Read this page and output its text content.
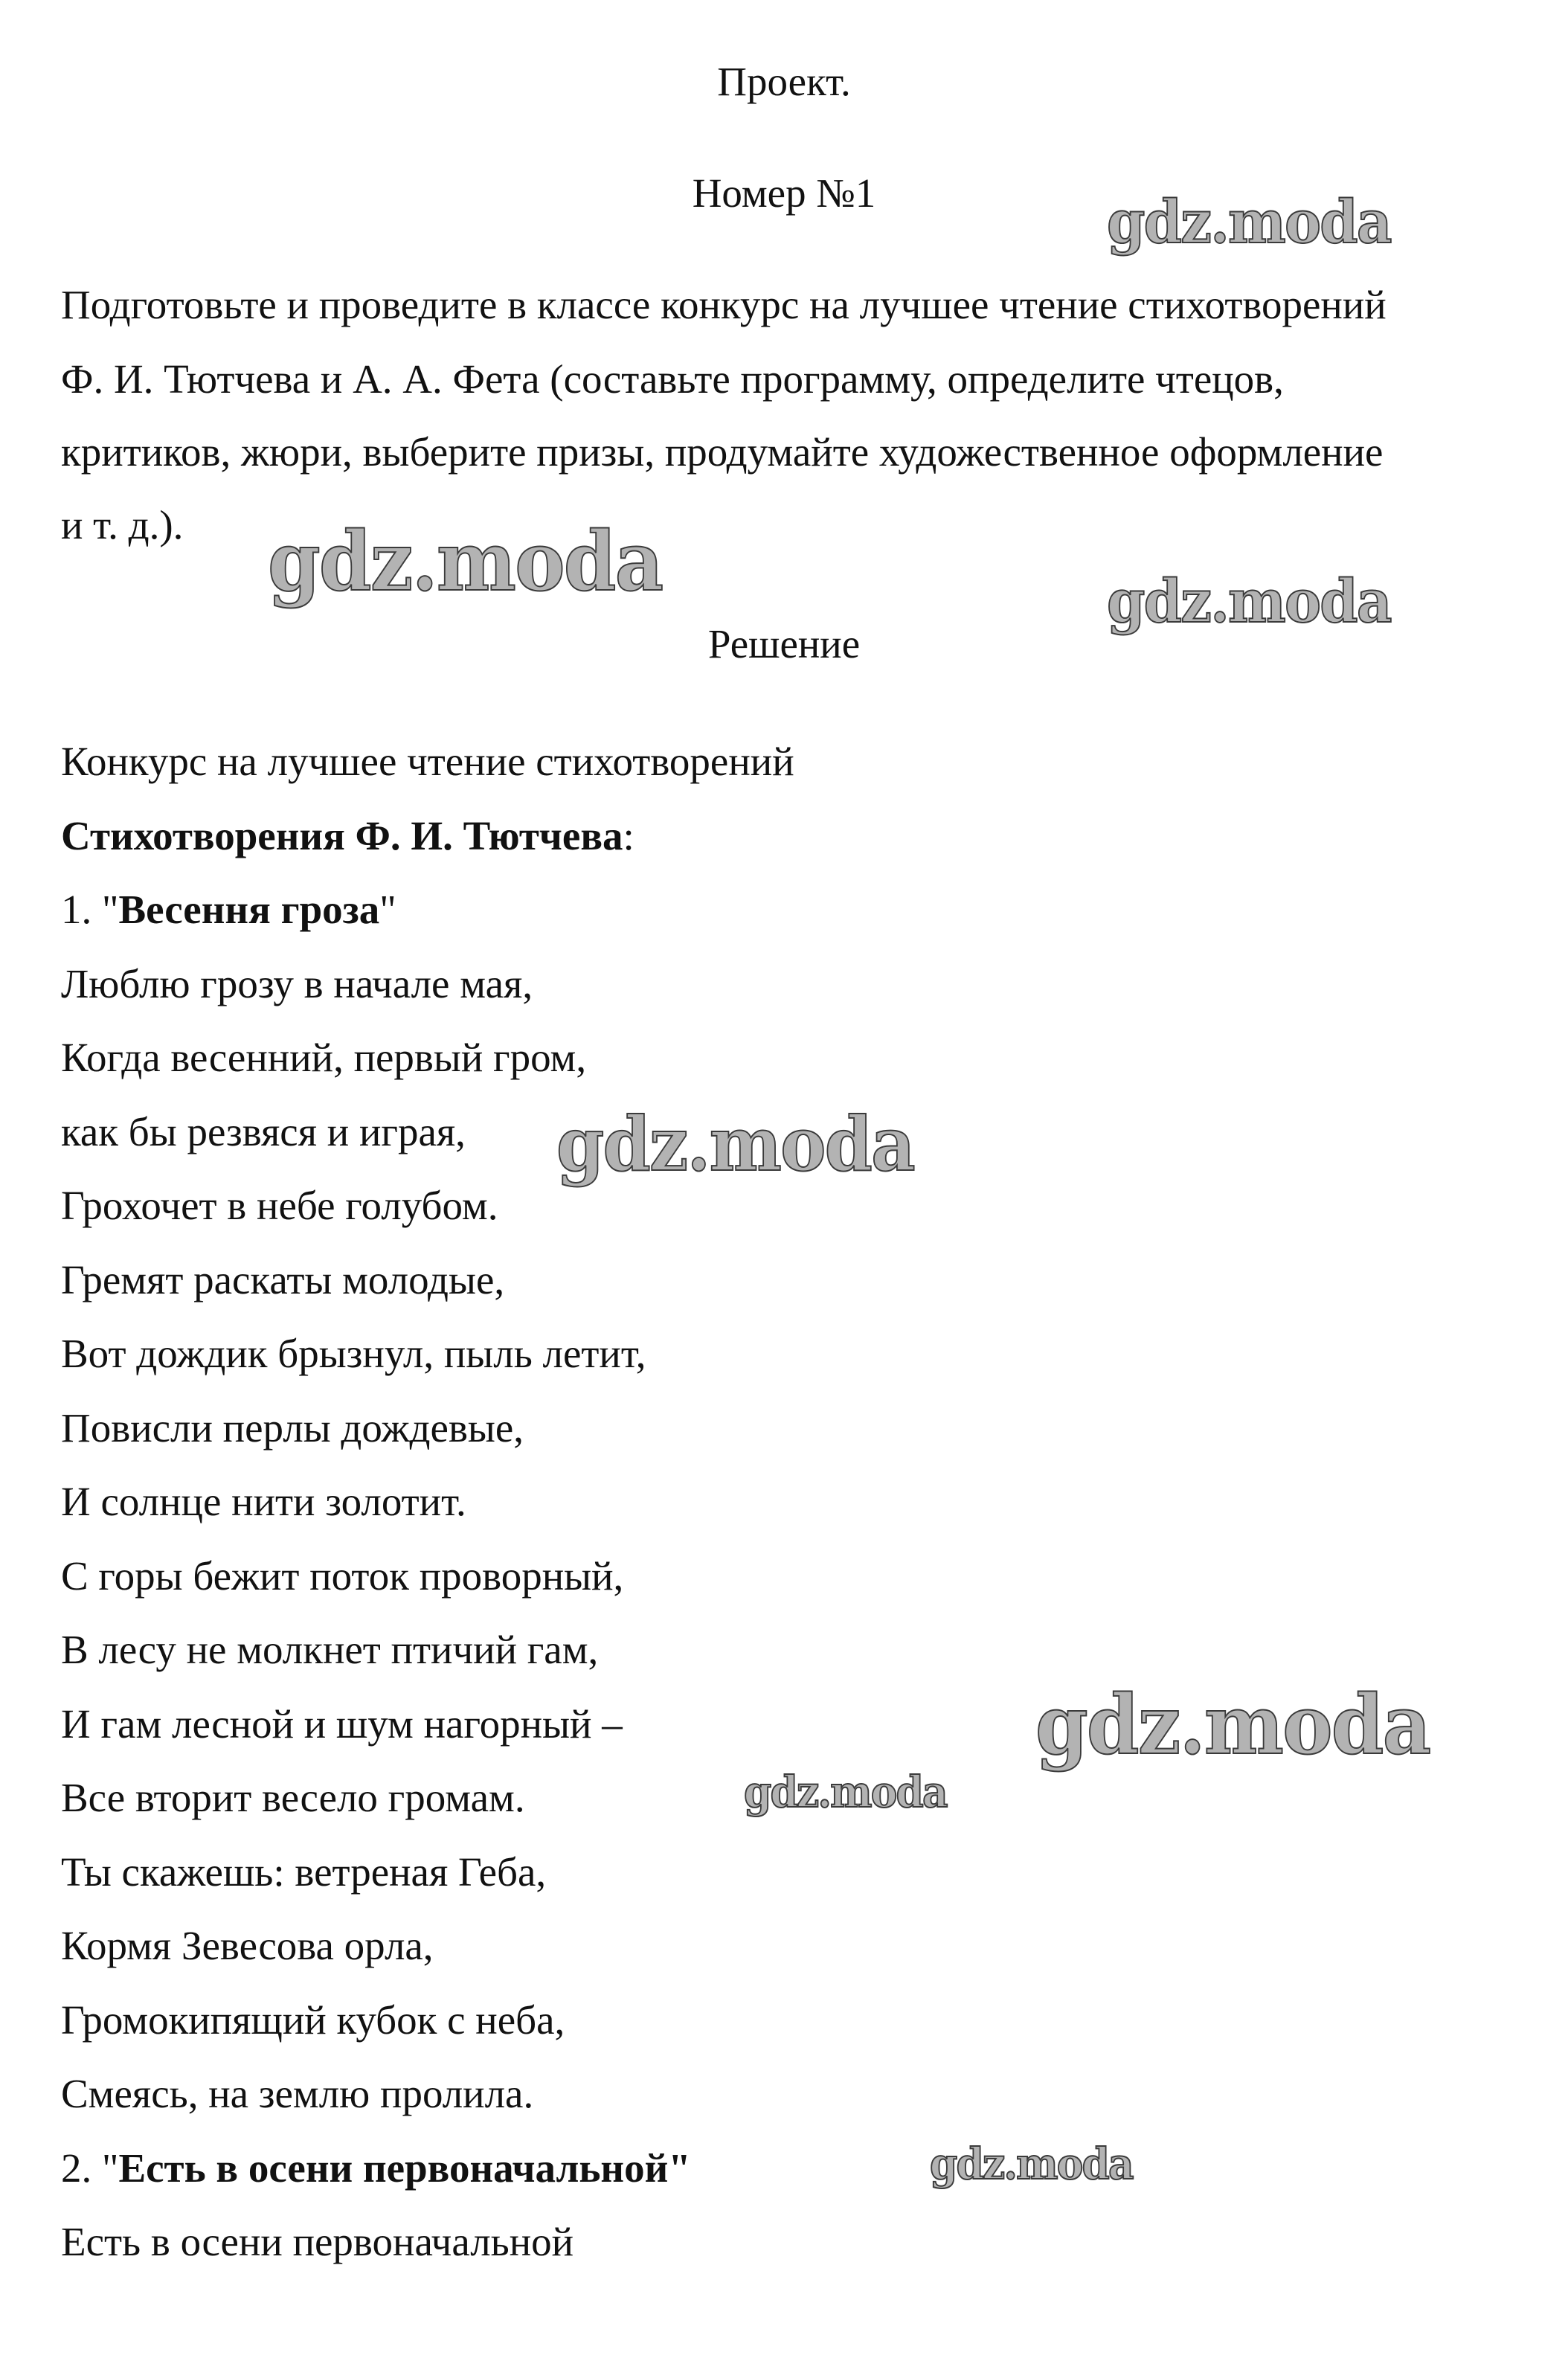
Проект.
Номер №1
Подготовьте и проведите в классе конкурс на лучшее чтение стихотворений
Ф. И. Тютчева и А. А. Фета (составьте программу, определите чтецов,
критиков, жюри, выберите призы, продумайте художественное оформление
и т. д.).
Решение
Конкурс на лучшее чтение стихотворений
Стихотворения Ф. И. Тютчева:
1. "Весення гроза"
Люблю грозу в начале мая,
Когда весенний, первый гром,
как бы резвяся и играя,
Грохочет в небе голубом.
Гремят раскаты молодые,
Вот дождик брызнул, пыль летит,
Повисли перлы дождевые,
И солнце нити золотит.
С горы бежит поток проворный,
В лесу не молкнет птичий гам,
И гам лесной и шум нагорный –
Все вторит весело громам.
Ты скажешь: ветреная Геба,
Кормя Зевесова орла,
Громокипящий кубок с неба,
Смеясь, на землю пролила.
2. "Есть в осени первоначальной"
Есть в осени первоначальной
gdz.moda
gdz.moda	gdz.moda
gdz.moda
gdz.moda
gdz.moda
gdz.moda
